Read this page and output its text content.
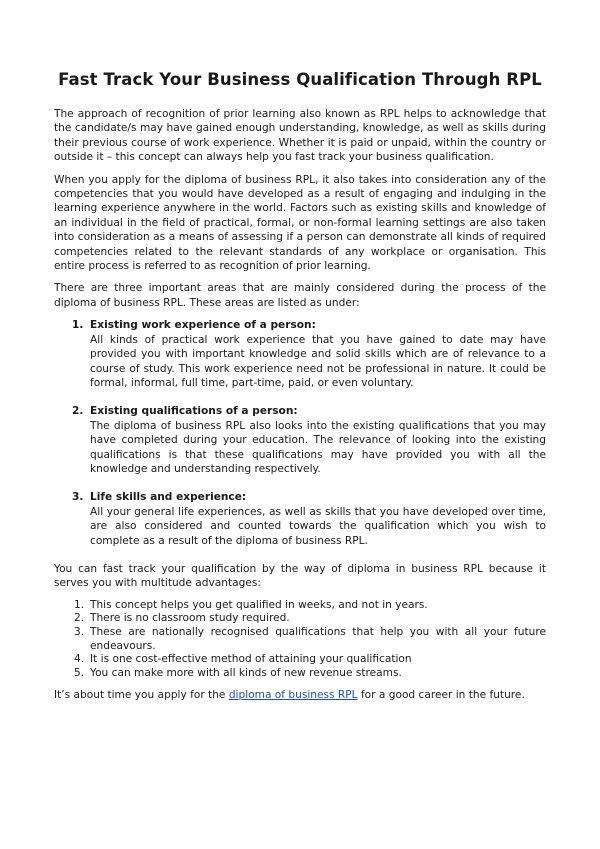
Fast Track Your Business Qualification Through RPL

The approach of recognition of prior learning also known as RPL helps to acknowledge that the candidate/s may have gained enough understanding, knowledge, as well as skills during their previous course of work experience. Whether it is paid or unpaid, within the country or outside it – this concept can always help you fast track your business qualification.

When you apply for the diploma of business RPL, it also takes into consideration any of the competencies that you would have developed as a result of engaging and indulging in the learning experience anywhere in the world. Factors such as existing skills and knowledge of an individual in the field of practical, formal, or non-formal learning settings are also taken into consideration as a means of assessing if a person can demonstrate all kinds of required competencies related to the relevant standards of any workplace or organisation. This entire process is referred to as recognition of prior learning.

There are three important areas that are mainly considered during the process of the diploma of business RPL. These areas are listed as under:

1. Existing work experience of a person:
All kinds of practical work experience that you have gained to date may have provided you with important knowledge and solid skills which are of relevance to a course of study. This work experience need not be professional in nature. It could be formal, informal, full time, part-time, paid, or even voluntary.
2. Existing qualifications of a person:
The diploma of business RPL also looks into the existing qualifications that you may have completed during your education. The relevance of looking into the existing qualifications is that these qualifications may have provided you with all the knowledge and understanding respectively.
3. Life skills and experience:
All your general life experiences, as well as skills that you have developed over time, are also considered and counted towards the qualification which you wish to complete as a result of the diploma of business RPL.

You can fast track your qualification by the way of diploma in business RPL because it serves you with multitude advantages:

1. This concept helps you get qualified in weeks, and not in years.
2. There is no classroom study required.
3. These are nationally recognised qualifications that help you with all your future endeavours.
4. It is one cost-effective method of attaining your qualification
5. You can make more with all kinds of new revenue streams.

It’s about time you apply for the diploma of business RPL for a good career in the future.
